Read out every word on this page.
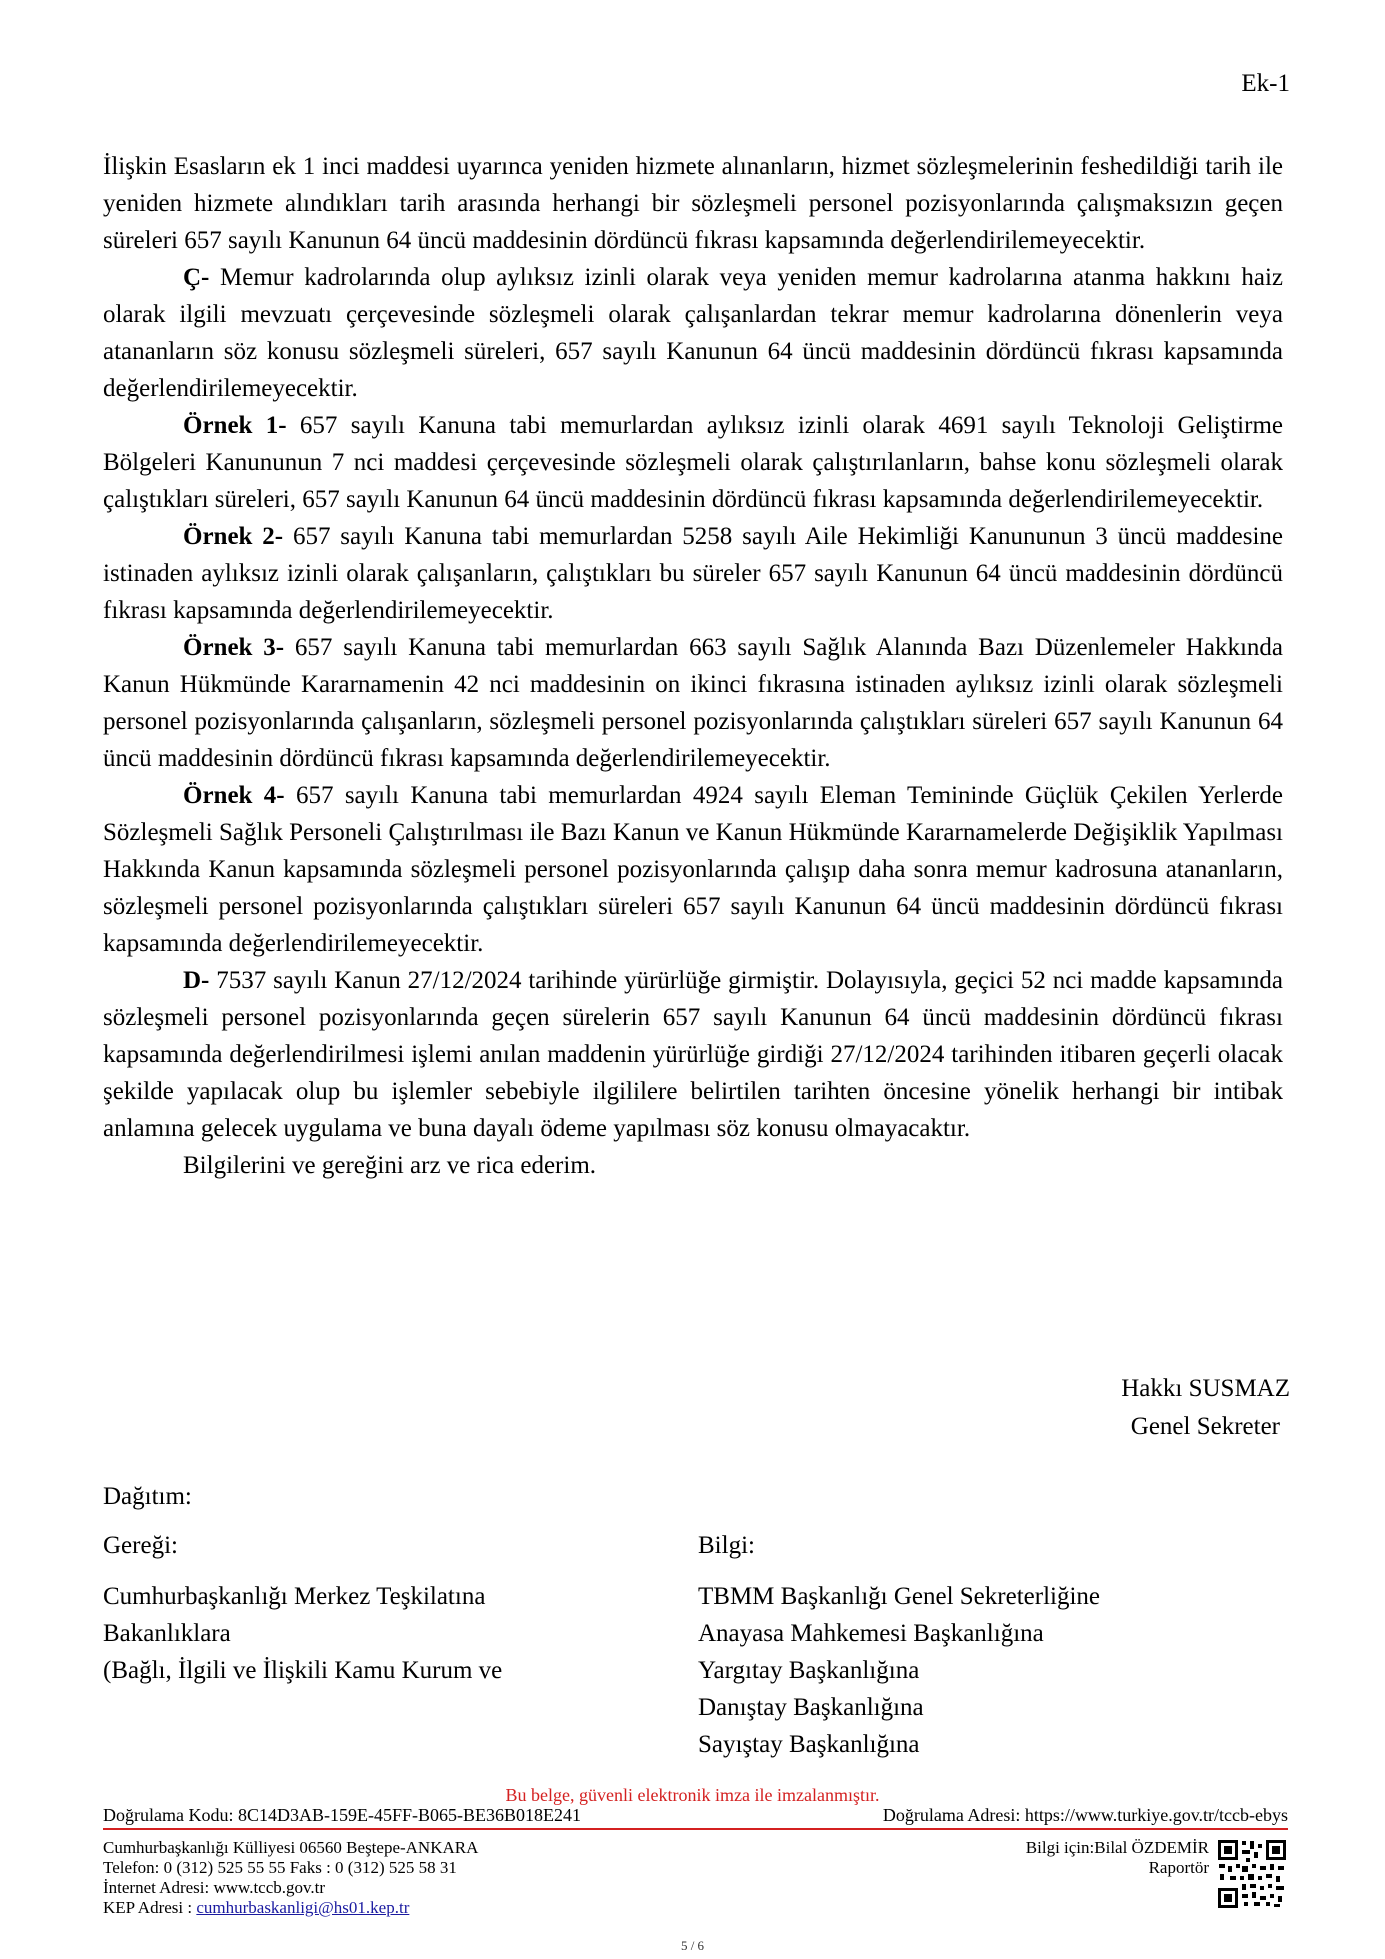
Ek-1

İlişkin Esasların ek 1 inci maddesi uyarınca yeniden hizmete alınanların, hizmet sözleşmelerinin feshedildiği tarih ile yeniden hizmete alındıkları tarih arasında herhangi bir sözleşmeli personel pozisyonlarında çalışmaksızın geçen süreleri 657 sayılı Kanunun 64 üncü maddesinin dördüncü fıkrası kapsamında değerlendirilemeyecektir.

Ç- Memur kadrolarında olup aylıksız izinli olarak veya yeniden memur kadrolarına atanma hakkını haiz olarak ilgili mevzuatı çerçevesinde sözleşmeli olarak çalışanlardan tekrar memur kadrolarına dönenlerin veya atananların söz konusu sözleşmeli süreleri, 657 sayılı Kanunun 64 üncü maddesinin dördüncü fıkrası kapsamında değerlendirilemeyecektir.

Örnek 1- 657 sayılı Kanuna tabi memurlardan aylıksız izinli olarak 4691 sayılı Teknoloji Geliştirme Bölgeleri Kanununun 7 nci maddesi çerçevesinde sözleşmeli olarak çalıştırılanların, bahse konu sözleşmeli olarak çalıştıkları süreleri, 657 sayılı Kanunun 64 üncü maddesinin dördüncü fıkrası kapsamında değerlendirilemeyecektir.

Örnek 2- 657 sayılı Kanuna tabi memurlardan 5258 sayılı Aile Hekimliği Kanununun 3 üncü maddesine istinaden aylıksız izinli olarak çalışanların, çalıştıkları bu süreler 657 sayılı Kanunun 64 üncü maddesinin dördüncü fıkrası kapsamında değerlendirilemeyecektir.

Örnek 3- 657 sayılı Kanuna tabi memurlardan 663 sayılı Sağlık Alanında Bazı Düzenlemeler Hakkında Kanun Hükmünde Kararnamenin 42 nci maddesinin on ikinci fıkrasına istinaden aylıksız izinli olarak sözleşmeli personel pozisyonlarında çalışanların, sözleşmeli personel pozisyonlarında çalıştıkları süreleri 657 sayılı Kanunun 64 üncü maddesinin dördüncü fıkrası kapsamında değerlendirilemeyecektir.

Örnek 4- 657 sayılı Kanuna tabi memurlardan 4924 sayılı Eleman Temininde Güçlük Çekilen Yerlerde Sözleşmeli Sağlık Personeli Çalıştırılması ile Bazı Kanun ve Kanun Hükmünde Kararnamelerde Değişiklik Yapılması Hakkında Kanun kapsamında sözleşmeli personel pozisyonlarında çalışıp daha sonra memur kadrosuna atananların, sözleşmeli personel pozisyonlarında çalıştıkları süreleri 657 sayılı Kanunun 64 üncü maddesinin dördüncü fıkrası kapsamında değerlendirilemeyecektir.

D- 7537 sayılı Kanun 27/12/2024 tarihinde yürürlüğe girmiştir. Dolayısıyla, geçici 52 nci madde kapsamında sözleşmeli personel pozisyonlarında geçen sürelerin 657 sayılı Kanunun 64 üncü maddesinin dördüncü fıkrası kapsamında değerlendirilmesi işlemi anılan maddenin yürürlüğe girdiği 27/12/2024 tarihinden itibaren geçerli olacak şekilde yapılacak olup bu işlemler sebebiyle ilgililere belirtilen tarihten öncesine yönelik herhangi bir intibak anlamına gelecek uygulama ve buna dayalı ödeme yapılması söz konusu olmayacaktır.

Bilgilerini ve gereğini arz ve rica ederim.

Hakkı SUSMAZ
Genel Sekreter
Dağıtım:
Gereği:
Cumhurbaşkanlığı Merkez Teşkilatına
Bakanlıklara
(Bağlı, İlgili ve İlişkili Kamu Kurum ve
Bilgi:
TBMM Başkanlığı Genel Sekreterliğine
Anayasa Mahkemesi Başkanlığına
Yargıtay Başkanlığına
Danıştay Başkanlığına
Sayıştay Başkanlığına
Bu belge, güvenli elektronik imza ile imzalanmıştır.
Doğrulama Kodu: 8C14D3AB-159E-45FF-B065-BE36B018E241	Doğrulama Adresi: https://www.turkiye.gov.tr/tccb-ebys
Cumhurbaşkanlığı Külliyesi 06560 Beştepe-ANKARA
Telefon: 0 (312) 525 55 55 Faks : 0 (312) 525 58 31
İnternet Adresi: www.tccb.gov.tr
KEP Adresi : cumhurbaskanligi@hs01.kep.tr
Bilgi için:Bilal ÖZDEMİR
Raportör
5 / 6
